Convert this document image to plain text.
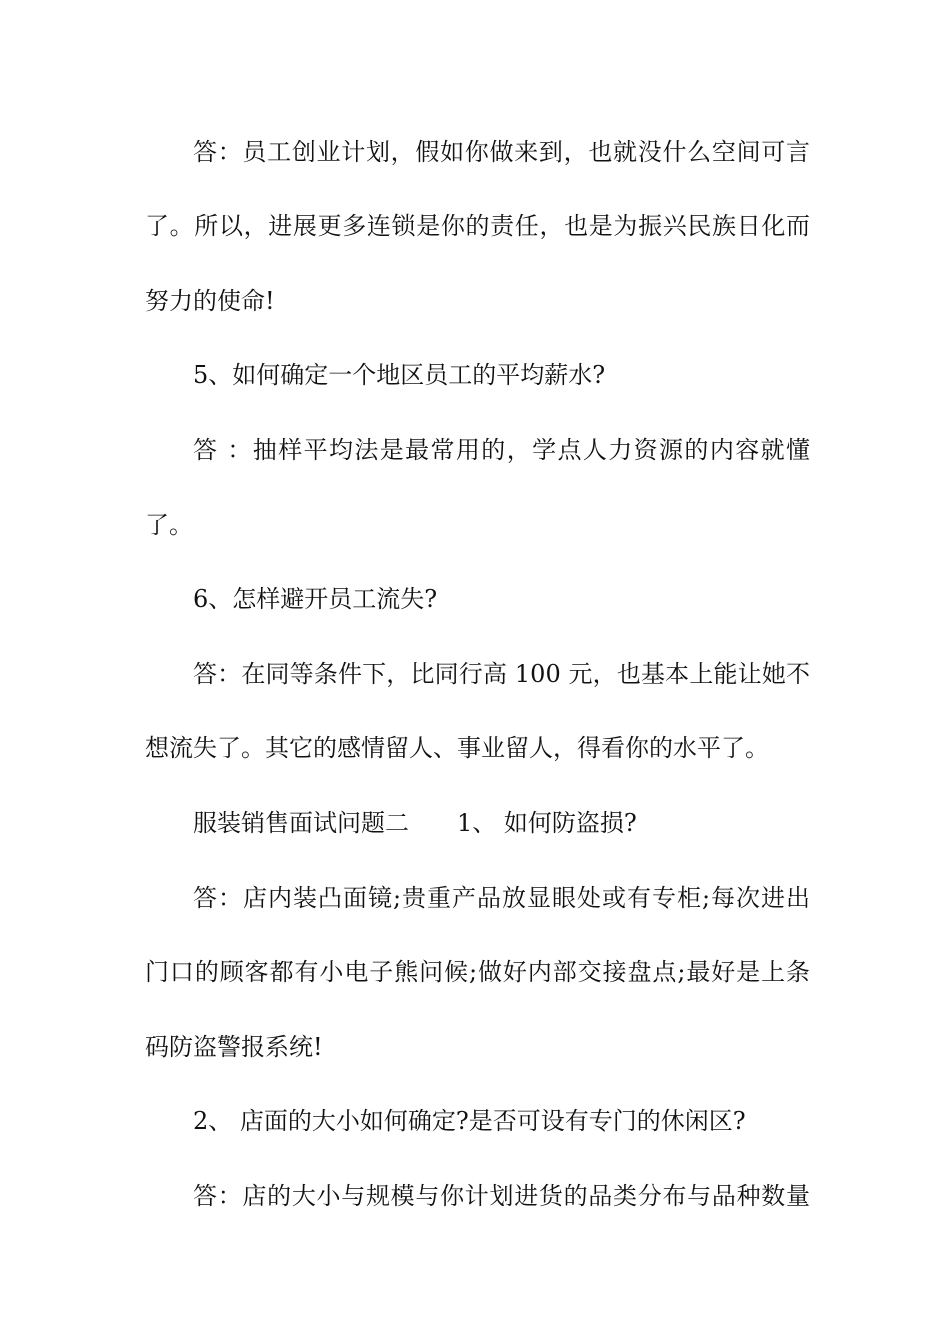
答：员工创业计划，假如你做来到，也就没什么空间可言
了。所以，进展更多连锁是你的责任，也是为振兴民族日化而
努力的使命!
5、如何确定一个地区员工的平均薪水?
答 ：抽样平均法是最常用的，学点人力资源的内容就懂
了。
6、怎样避开员工流失?
答：在同等条件下，比同行高 100 元，也基本上能让她不
想流失了。其它的感情留人、事业留人，得看你的水平了。
服装销售面试问题二　　1、 如何防盗损?
答：店内装凸面镜;贵重产品放显眼处或有专柜;每次进出
门口的顾客都有小电子熊问候;做好内部交接盘点;最好是上条
码防盗警报系统!
2、 店面的大小如何确定?是否可设有专门的休闲区?
答：店的大小与规模与你计划进货的品类分布与品种数量
